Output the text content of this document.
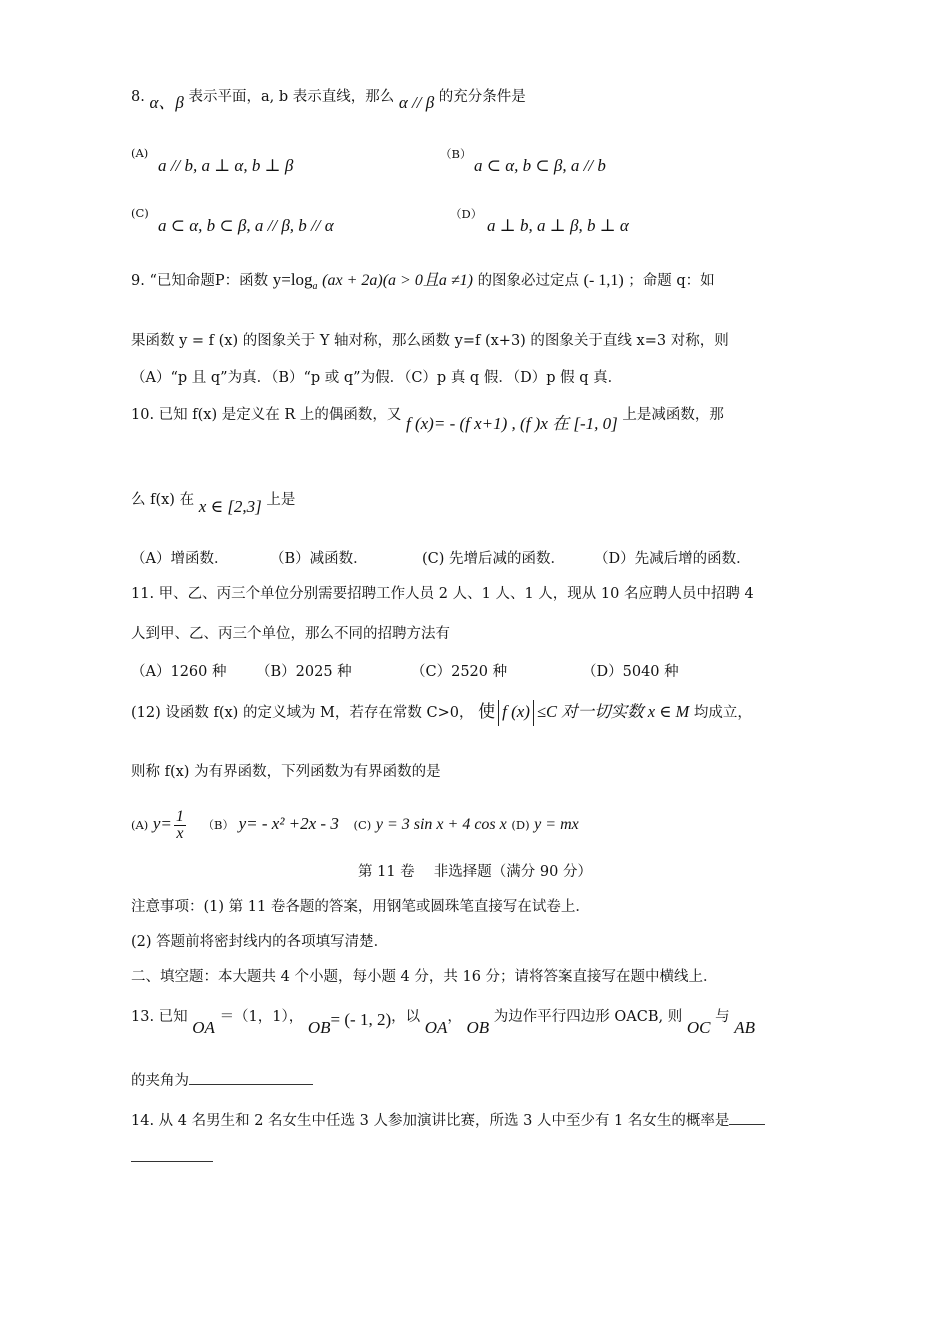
8. α、β 表示平面，a, b 表示直线，那么 α // β 的充分条件是
(A)
a // b, a ⊥ α, b ⊥ β
（B）
a ⊂ α, b ⊂ β, a // b
(C)
a ⊂ α, b ⊂ β, a // β, b // α
（D）
a ⊥ b, a ⊥ β, b ⊥ α
9. “已知命题P：函数 $y=\log_a$ (ax + 2a)(a > 0且a ≠1) 的图象必过定点 (- 1,1) ；命题 q：如
果函数 y = f (x) 的图象关于 Y 轴对称，那么函数 y=f (x+3) 的图象关于直线 x=3 对称，则
（A）“p 且 q”为真．（B）“p 或 q”为假．（C）p 真 q 假．（D）p 假 q 真．
10. 已知 f(x) 是定义在 R 上的偶函数，又 f (x)= - (f x+1) , (f )x 在 [-1, 0] 上是减函数，那
么 f(x) 在 x ∈ [2,3] 上是
（A）增函数．	（B）减函数．	(C) 先增后减的函数． （D）先减后增的函数．
11. 甲、乙、丙三个单位分别需要招聘工作人员 2 人、1 人、1 人，现从 10 名应聘人员中招聘 4
人到甲、乙、丙三个单位，那么不同的招聘方法有
（A）1260 种 （B）2025 种	（C）2520 种	（D）5040 种
(12) 设函数 f(x) 的定义域为 M，若存在常数 C>0， 使 f (x) ≤C 对一切实数 x ∈ M 均成立，
则称 f(x) 为有界函数，下列函数为有界函数的是
(A) $y= \frac{1}{x} (B)$ y= - x² +2x - 3 (C) y = 3 sin x + 4 cos x (D) y = mx
第 11 卷　 非选择题（满分 90 分）
注意事项：(1) 第 11 卷各题的答案，用钢笔或圆珠笔直接写在试卷上．
(2) 答题前将密封线内的各项填写清楚．
二、填空题：本大题共 4 个小题，每小题 4 分，共 16 分；请将答案直接写在题中横线上．
13. 已知 OA ＝（1，1）， OB= (- 1, 2)，以 OA， OB 为边作平行四边形 OACB, 则 OC 与 AB
的夹角为
14. 从 4 名男生和 2 名女生中任选 3 人参加演讲比赛，所选 3 人中至少有 1 名女生的概率是
